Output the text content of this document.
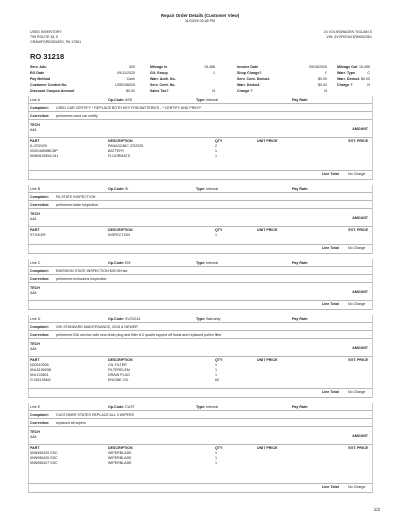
Repair Order Details (Customer View)
11/03/25 02:46 PM
USED INVENTORY
795 ROUTE 81 S
CRAWFORDSBURG, PA 17961
24 VOLKSWAGEN TIGUAN S
VIN: 3VVFB7AX1RM092361
RO 31218
Serv. Adv.	305
RO Date	09/11/2025
Pay Method	Cash
Customer Control No.	USED06025
Discount Coupon Amount	$0.00
Mileage In	15,488
G/L Group	1
Warr. Auth. No.
Serv. Cont. No.
Sales Tax?	N
Invoice Date	09/18/2025
Shop Charge?	Y
Serv. Cont. Deduct.	$0.00
Warr. Deduct.	$0.00
Charge ?	N
Mileage Out 15,495
Warr. Type	C
Warr. Deduct. $0.00
Charge ?	N
Line A	Op-Code: ASS	Type: Internal	Pay Rate:
Complaint: USED CAR CERTIFY * REPLACE BOTH KEY FOB BATTERIES - * CERTIFY AND PRINT*
Correction: performed used car certify
TECH
AMOUNT
A48
PART	DESCRIPTION	QTY	UNIT PRICE	EXT. PRICE
A-CR2025	PANASONIC CR2025	2
000016898BCBP	BATTERY	1
5NN061550A 041	FLOORMATS	1
Line Total	No Charge
Line B	Op-Code: SI	Type: Internal	Pay Rate:
Complaint: PA STATE INSPECTION
Correction: performed state inspection
TECH
AMOUNT
A48
PART	DESCRIPTION	QTY	UNIT PRICE	EXT. PRICE
STICKER	INSPECTION	1
Line Total	No Charge
Line C	Op-Code: EM	Type: Internal	Pay Rate:
Complaint: EMISSION STATE INSPECTION $39.95+tax
Correction: performed emissions inspection
TECH
AMOUNT
A48
Line Total	No Charge
Line D	Op-Code: SVC0014	Type: Warranty	Pay Rate:
Complaint: 20K STANDARD MAINTENANCE, 2018 & NEWER
Correction: performed 20k service with new drain plug and filter 6.0 quarts topped off fluids and replaced pollen filter
TECH
AMOUNT
A48
PART	DESCRIPTION	QTY	UNIT PRICE	EXT. PRICE
N20010905	OIL FILTER	1
5NL819653B	FILTERELEM	1
5NL103801	DRAIN PLUG	1
G 052195M2	ENGINE OIL	60
Line Total	No Charge
Line E	Op-Code: CUST	Type: Internal	Pay Rate:
Complaint: CUSTOMER STATES REPLACE ALL 3 WIPERS
Correction: replaced all wipers
TECH
AMOUNT
A48
PART	DESCRIPTION	QTY	UNIT PRICE	EXT. PRICE
5NN955425 SSC	WIPERBLADE	1
5NN955426 SSC	WIPERBLADE	1
5NN955427 SSC	WIPERBLADE	1
Line Total	No Charge
1/2
